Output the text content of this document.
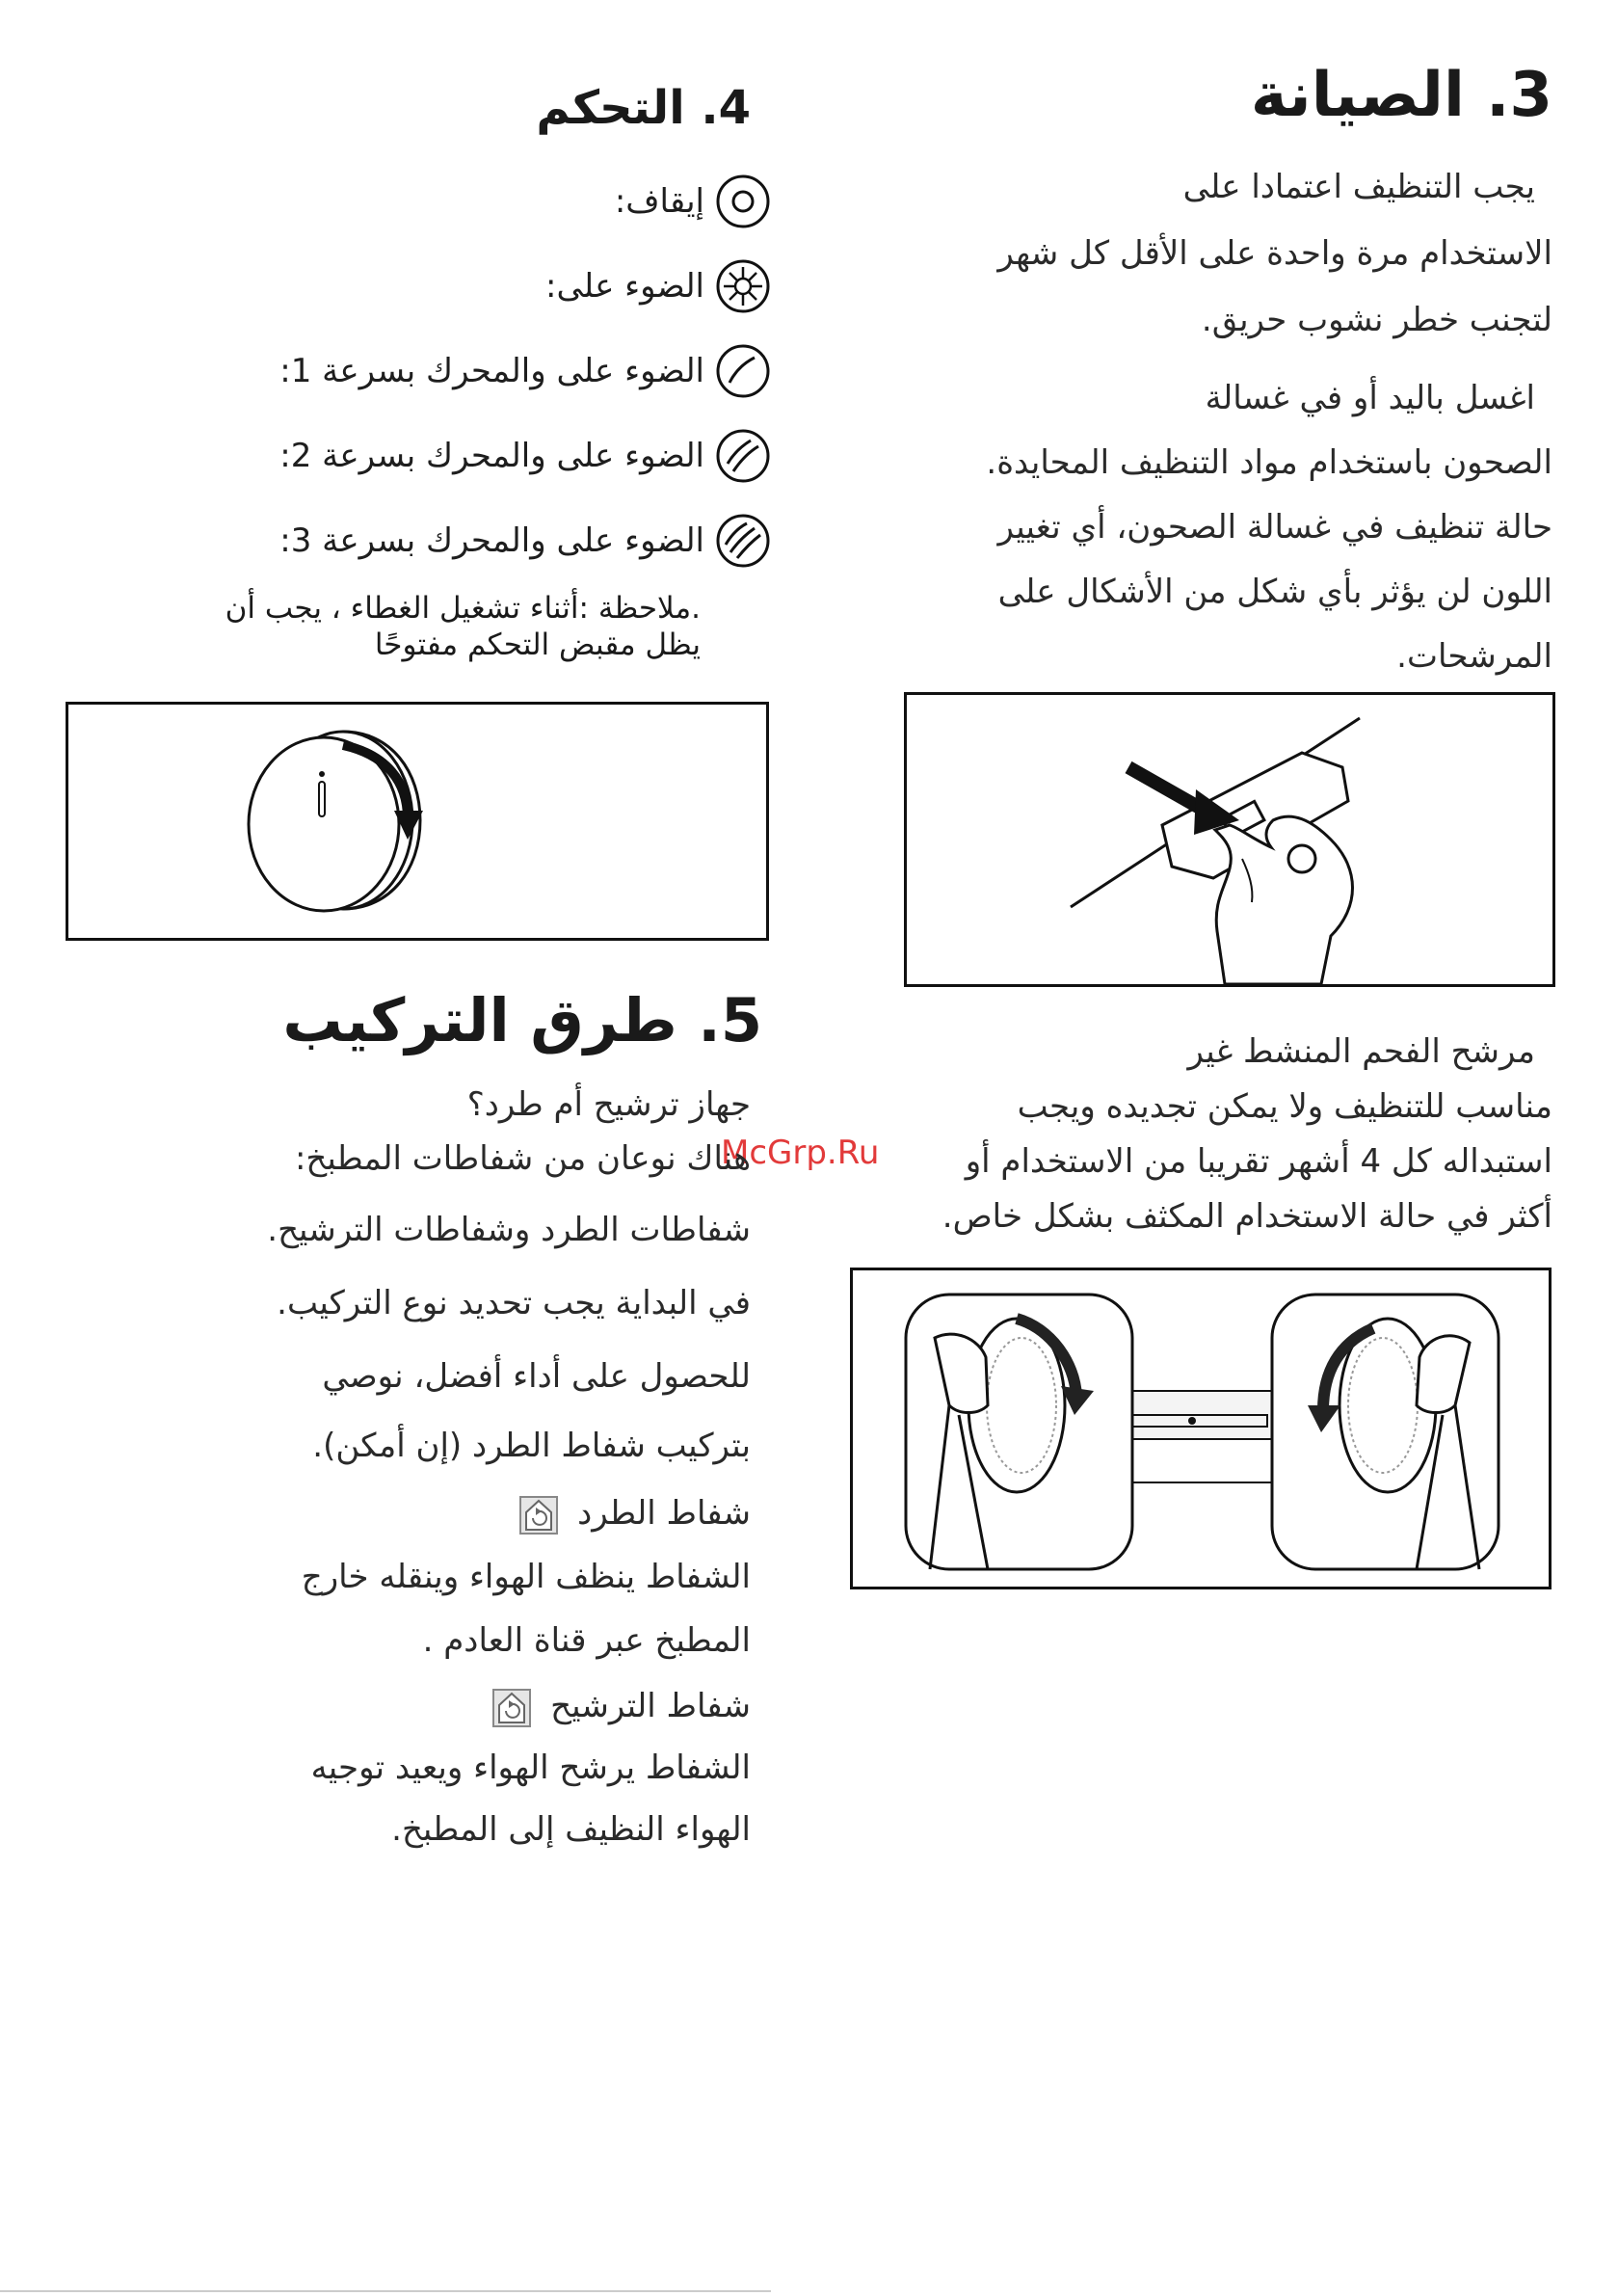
3. الصيانة
يجب التنظيف اعتمادا على
الاستخدام مرة واحدة على الأقل كل شهر
لتجنب خطر نشوب حريق.
اغسل باليد أو في غسالة
الصحون باستخدام مواد التنظيف المحايدة.
حالة تنظيف في غسالة الصحون، أي تغيير
اللون لن يؤثر بأي شكل من الأشكال على
المرشحات.
مرشح الفحم المنشط غير
مناسب للتنظيف ولا يمكن تجديده ويجب
استبداله كل 4 أشهر تقريبا من الاستخدام أو
أكثر في حالة الاستخدام المكثف بشكل خاص.
McGrp.Ru
4. التحكم
:إيقاف
:الضوء على
:الضوء على والمحرك بسرعة 1
:الضوء على والمحرك بسرعة 2
:الضوء على والمحرك بسرعة 3
.ملاحظة :أثناء تشغيل الغطاء ، يجب أن
يظل مقبض التحكم مفتوحًا
5. طرق التركيب
جهاز ترشيح أم طرد؟
هناك نوعان من شفاطات المطبخ:
شفاطات الطرد وشفاطات الترشيح.
في البداية يجب تحديد نوع التركيب.
للحصول على أداء أفضل، نوصي
بتركيب شفاط الطرد (إن أمكن).
شفاط الطرد
الشفاط ينظف الهواء وينقله خارج
المطبخ عبر قناة العادم .
شفاط الترشيح
الشفاط يرشح الهواء ويعيد توجيه
الهواء النظيف إلى المطبخ.
